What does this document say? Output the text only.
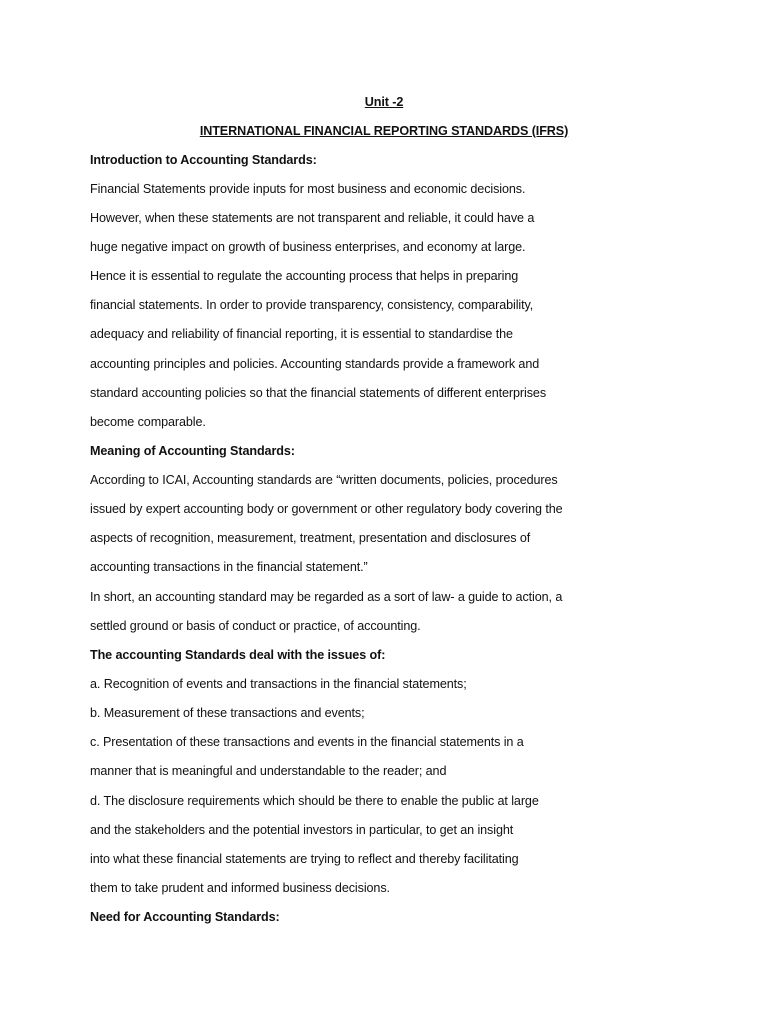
Unit -2
INTERNATIONAL FINANCIAL REPORTING STANDARDS (IFRS)
Introduction to Accounting Standards:
Financial Statements provide inputs for most business and economic decisions.
However, when these statements are not transparent and reliable, it could have a
huge negative impact on growth of business enterprises, and economy at large.
Hence it is essential to regulate the accounting process that helps in preparing
financial statements. In order to provide transparency, consistency, comparability,
adequacy and reliability of financial reporting, it is essential to standardise the
accounting principles and policies. Accounting standards provide a framework and
standard accounting policies so that the financial statements of different enterprises
become comparable.
Meaning of Accounting Standards:
According to ICAI, Accounting standards are “written documents, policies, procedures
issued by expert accounting body or government or other regulatory body covering the
aspects of recognition, measurement, treatment, presentation and disclosures of
accounting transactions in the financial statement.”
In short, an accounting standard may be regarded as a sort of law- a guide to action, a
settled ground or basis of conduct or practice, of accounting.
The accounting Standards deal with the issues of:
a. Recognition of events and transactions in the financial statements;
b. Measurement of these transactions and events;
c. Presentation of these transactions and events in the financial statements in a
manner that is meaningful and understandable to the reader; and
d. The disclosure requirements which should be there to enable the public at large
and the stakeholders and the potential investors in particular, to get an insight
into what these financial statements are trying to reflect and thereby facilitating
them to take prudent and informed business decisions.
Need for Accounting Standards:
